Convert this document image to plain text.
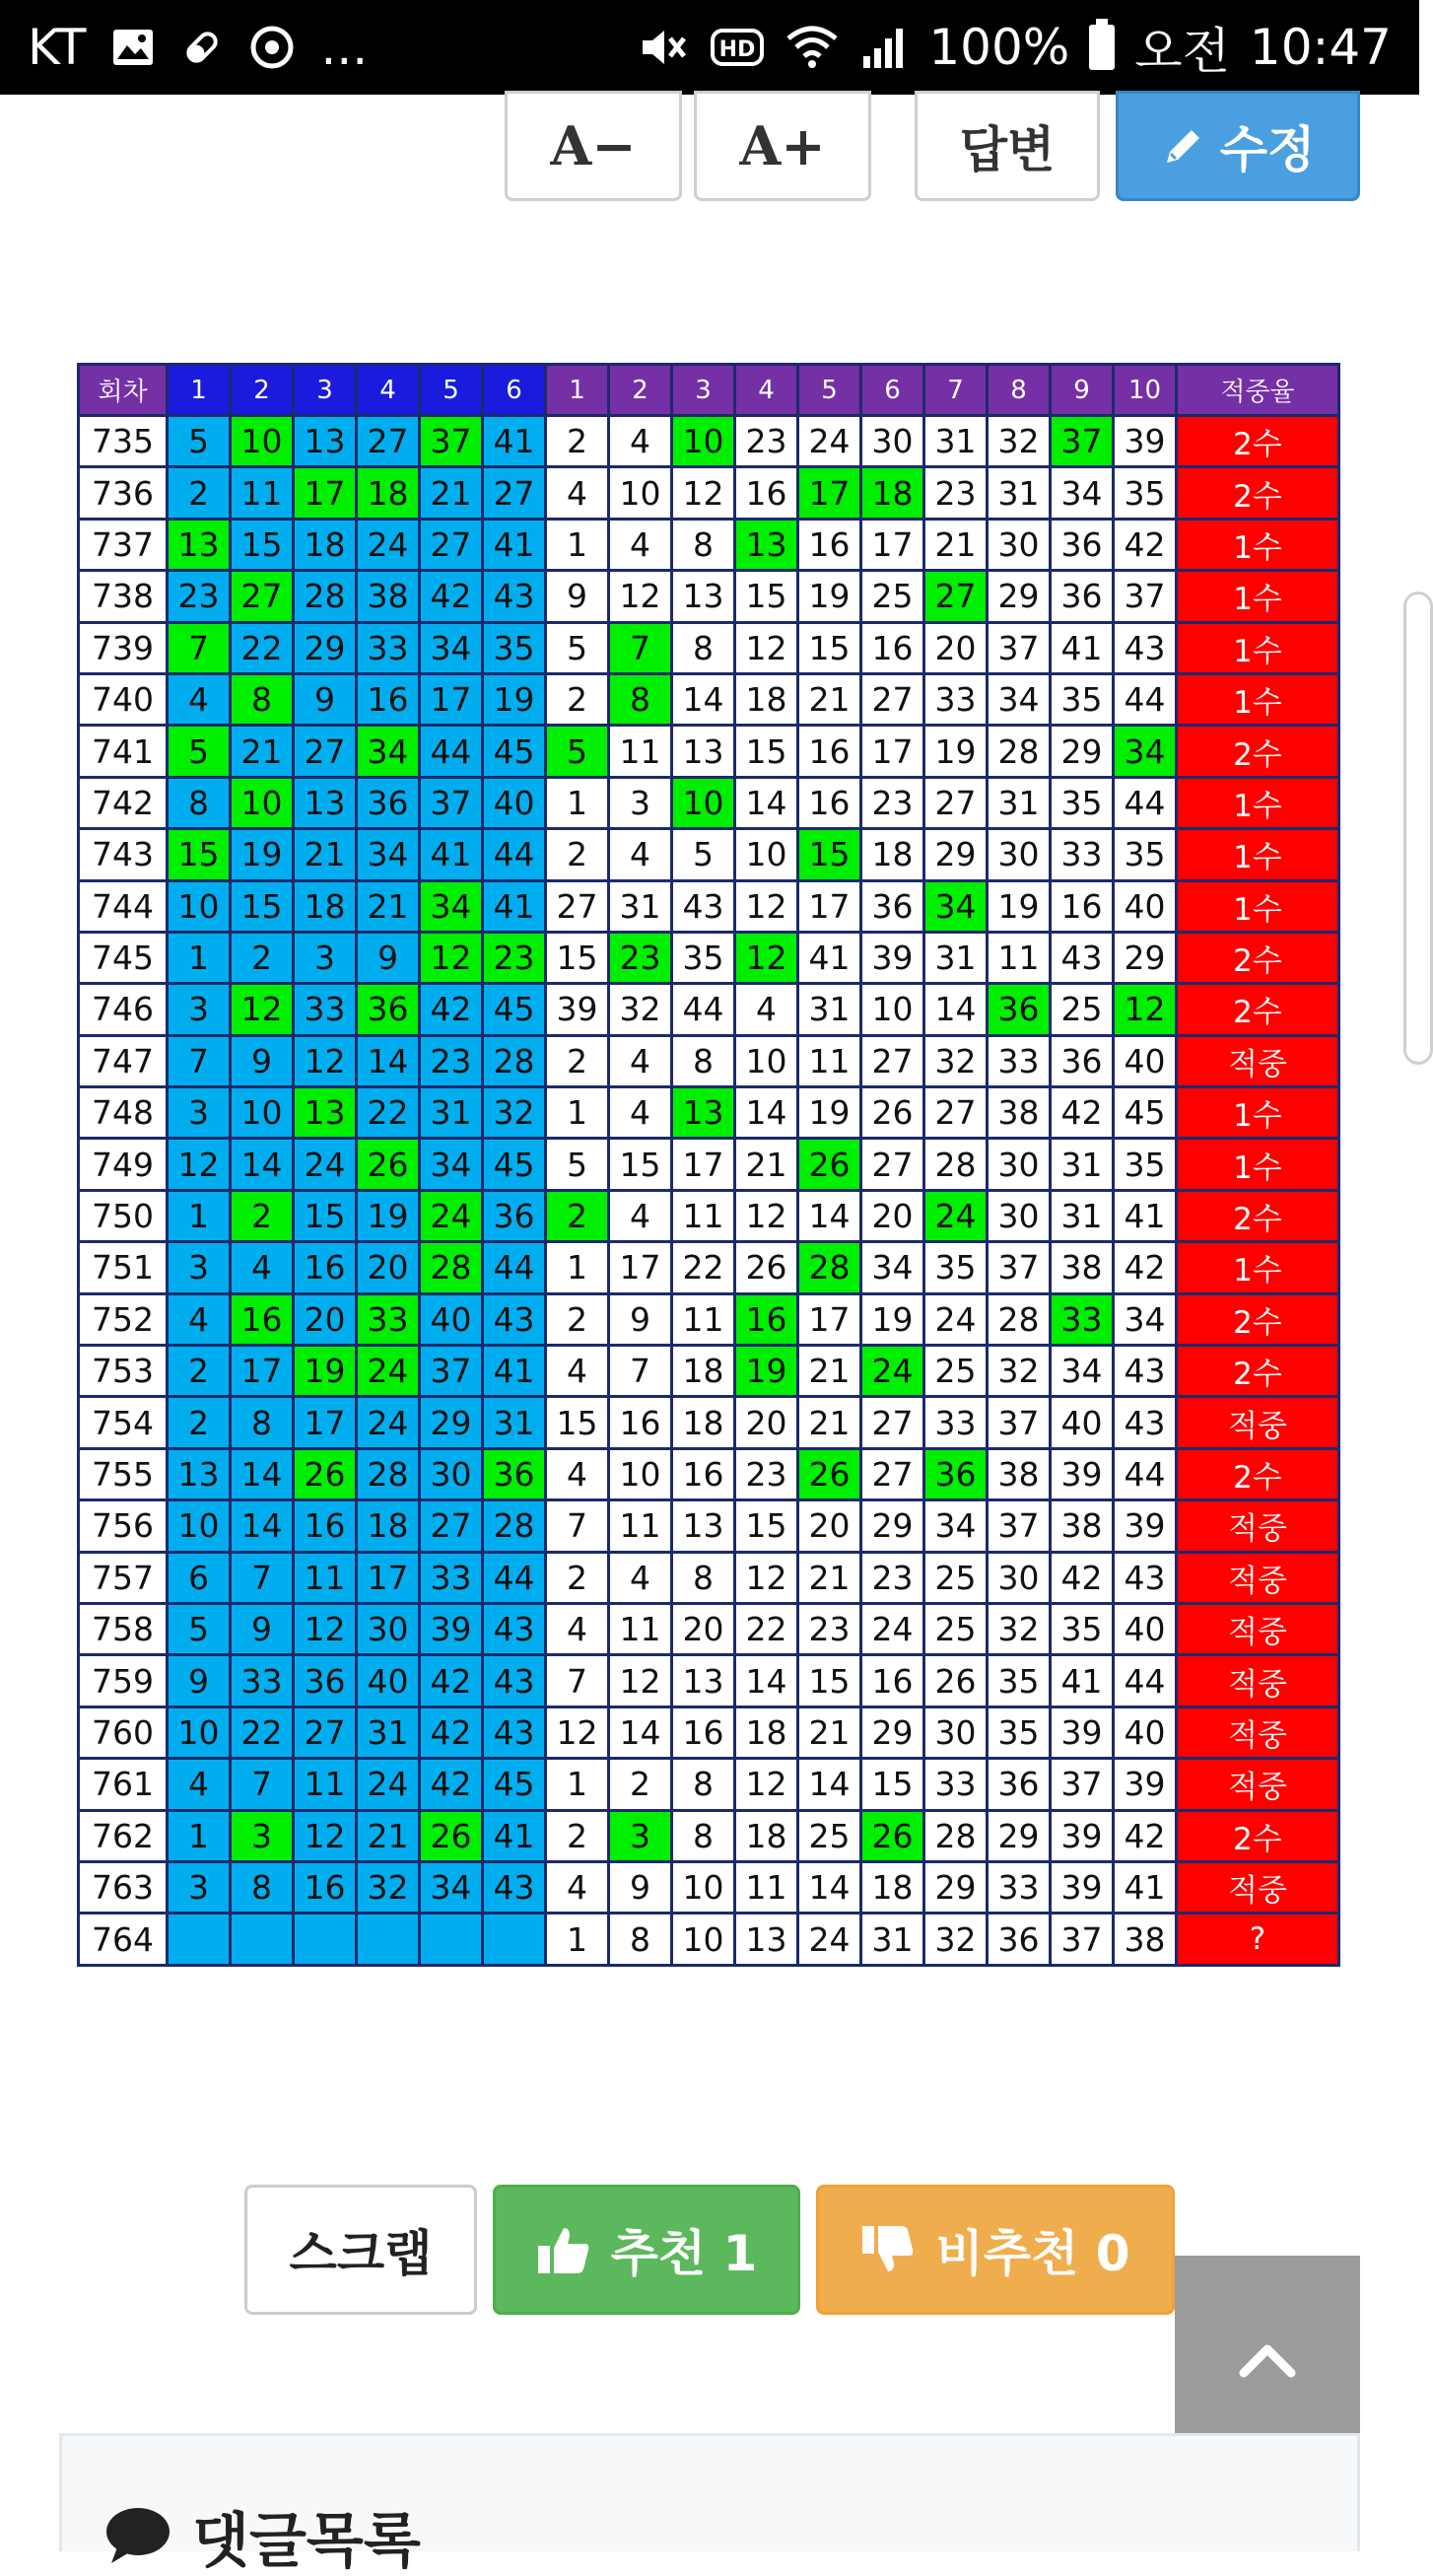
KT	...	HD	100% 오전 10:47
A−	A+	답변	수정
회차	1	2	3	4	5	6	1	2	3	4	5	6	7	8	9	10	적중율
735	5	10	13	27	37	41	2	4	10	23	24	30	31	32	37	39	2수
736	2	11	17	18	21	27	4	10	12	16	17	18	23	31	34	35	2수
737	13	15	18	24	27	41	1	4	8	13	16	17	21	30	36	42	1수
738	23	27	28	38	42	43	9	12	13	15	19	25	27	29	36	37	1수
739	7	22	29	33	34	35	5	7	8	12	15	16	20	37	41	43	1수
740	4	8	9	16	17	19	2	8	14	18	21	27	33	34	35	44	1수
741	5	21	27	34	44	45	5	11	13	15	16	17	19	28	29	34	2수
742	8	10	13	36	37	40	1	3	10	14	16	23	27	31	35	44	1수
743	15	19	21	34	41	44	2	4	5	10	15	18	29	30	33	35	1수
744	10	15	18	21	34	41	27	31	43	12	17	36	34	19	16	40	1수
745	1	2	3	9	12	23	15	23	35	12	41	39	31	11	43	29	2수
746	3	12	33	36	42	45	39	32	44	4	31	10	14	36	25	12	2수
747	7	9	12	14	23	28	2	4	8	10	11	27	32	33	36	40	적중
748	3	10	13	22	31	32	1	4	13	14	19	26	27	38	42	45	1수
749	12	14	24	26	34	45	5	15	17	21	26	27	28	30	31	35	1수
750	1	2	15	19	24	36	2	4	11	12	14	20	24	30	31	41	2수
751	3	4	16	20	28	44	1	17	22	26	28	34	35	37	38	42	1수
752	4	16	20	33	40	43	2	9	11	16	17	19	24	28	33	34	2수
753	2	17	19	24	37	41	4	7	18	19	21	24	25	32	34	43	2수
754	2	8	17	24	29	31	15	16	18	20	21	27	33	37	40	43	적중
755	13	14	26	28	30	36	4	10	16	23	26	27	36	38	39	44	2수
756	10	14	16	18	27	28	7	11	13	15	20	29	34	37	38	39	적중
757	6	7	11	17	33	44	2	4	8	12	21	23	25	30	42	43	적중
758	5	9	12	30	39	43	4	11	20	22	23	24	25	32	35	40	적중
759	9	33	36	40	42	43	7	12	13	14	15	16	26	35	41	44	적중
760	10	22	27	31	42	43	12	14	16	18	21	29	30	35	39	40	적중
761	4	7	11	24	42	45	1	2	8	12	14	15	33	36	37	39	적중
762	1	3	12	21	26	41	2	3	8	18	25	26	28	29	39	42	2수
763	3	8	16	32	34	43	4	9	10	11	14	18	29	33	39	41	적중
764							1	8	10	13	24	31	32	36	37	38	?
스크랩	추천 1	비추천 0
댓글목록
